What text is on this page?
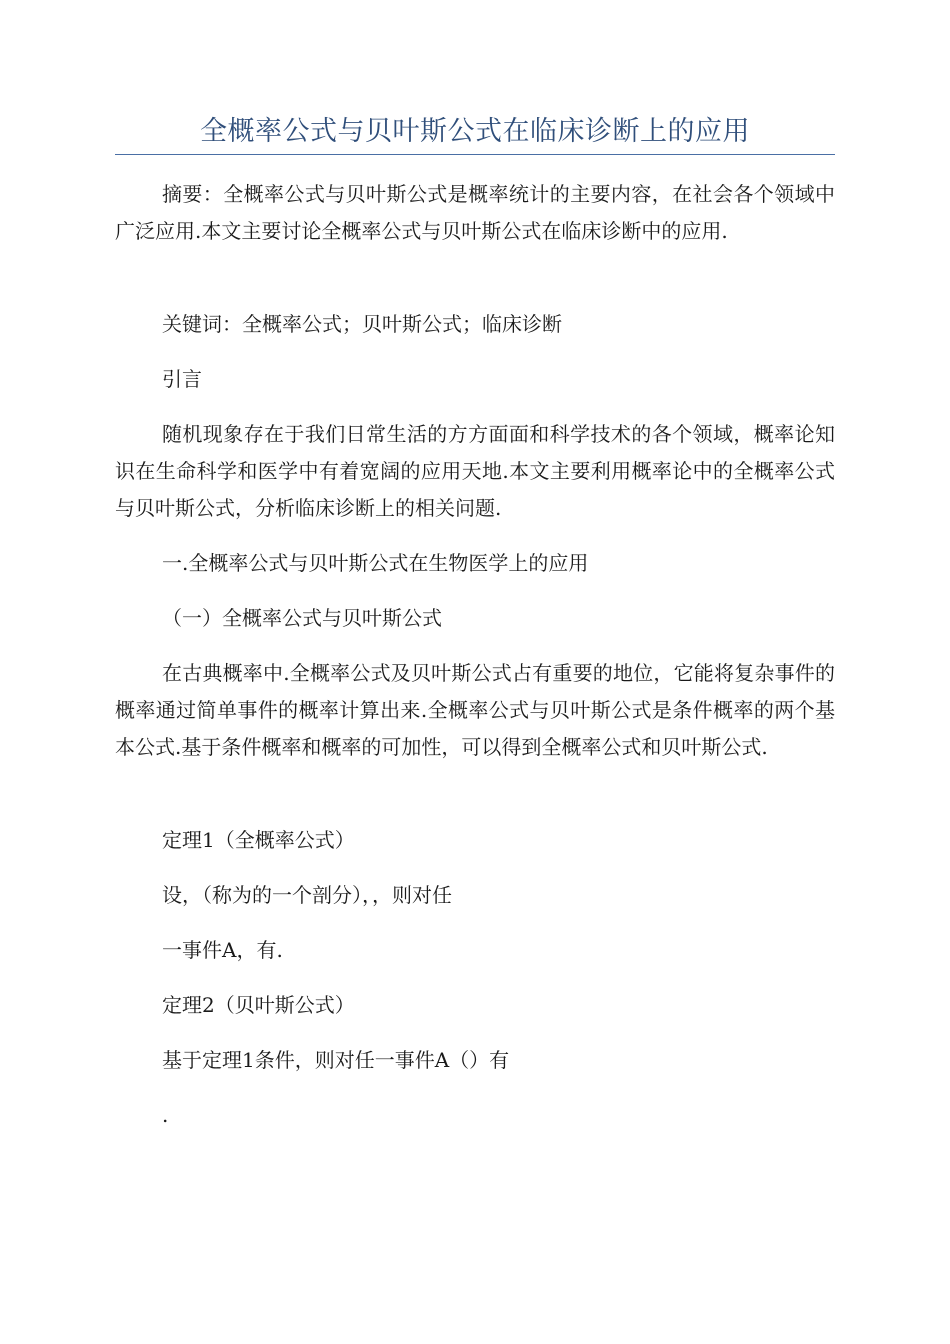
全概率公式与贝叶斯公式在临床诊断上的应用

摘要：全概率公式与贝叶斯公式是概率统计的主要内容，在社会各个领域中广泛应用.本文主要讨论全概率公式与贝叶斯公式在临床诊断中的应用.

关键词：全概率公式；贝叶斯公式；临床诊断

引言

随机现象存在于我们日常生活的方方面面和科学技术的各个领域，概率论知识在生命科学和医学中有着宽阔的应用天地.本文主要利用概率论中的全概率公式与贝叶斯公式，分析临床诊断上的相关问题.

一.全概率公式与贝叶斯公式在生物医学上的应用

（一）全概率公式与贝叶斯公式

在古典概率中.全概率公式及贝叶斯公式占有重要的地位，它能将复杂事件的概率通过简单事件的概率计算出来.全概率公式与贝叶斯公式是条件概率的两个基本公式.基于条件概率和概率的可加性，可以得到全概率公式和贝叶斯公式.

定理1（全概率公式）

设，（称为的一个剖分），，则对任

一事件A，有.

定理2（贝叶斯公式）

基于定理1条件，则对任一事件A（）有

.
